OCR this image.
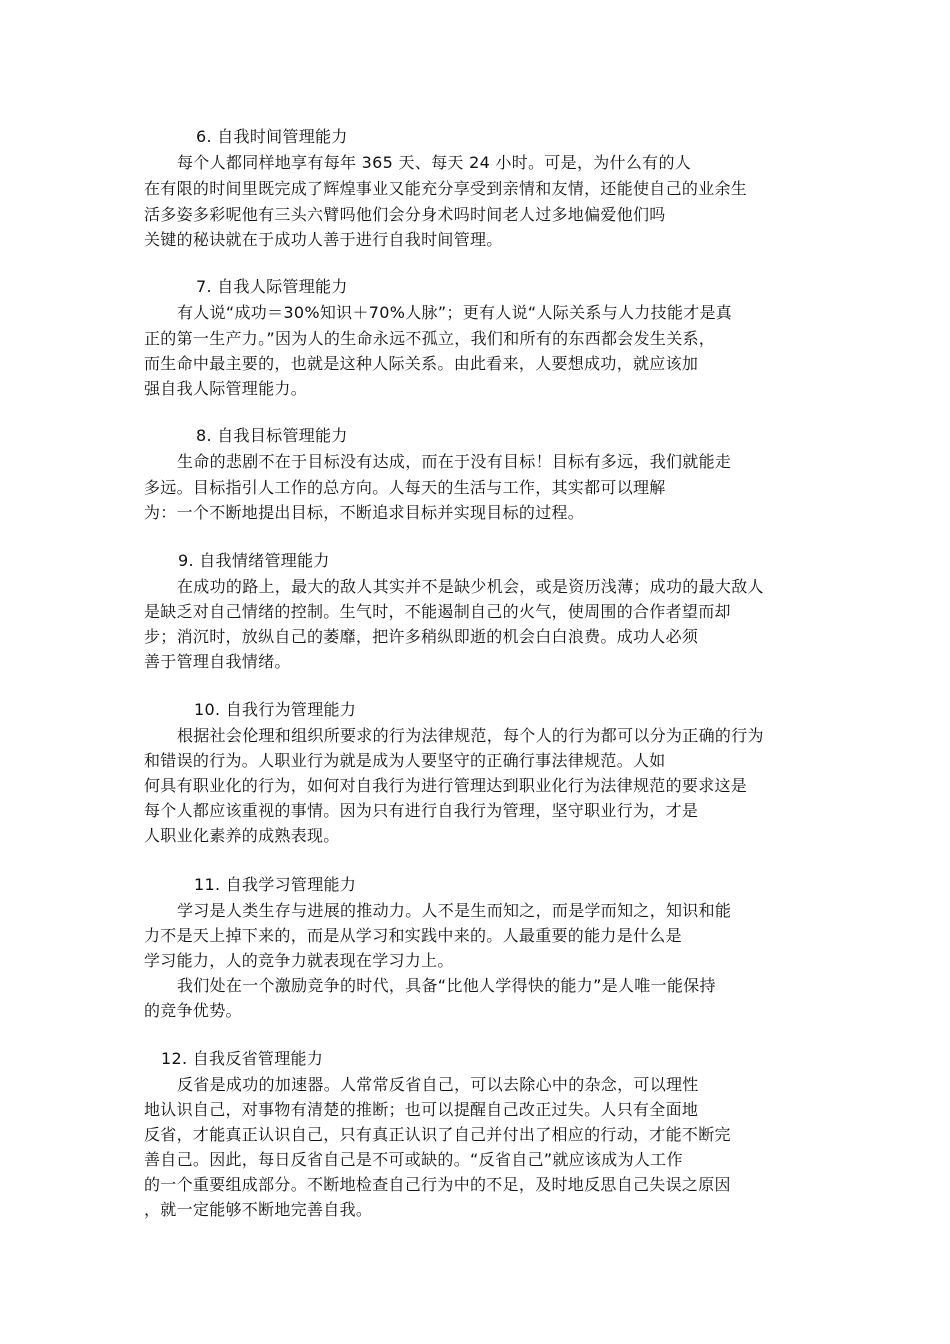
6. 自我时间管理能力
每个人都同样地享有每年 365 天、每天 24 小时。可是，为什么有的人
在有限的时间里既完成了辉煌事业又能充分享受到亲情和友情，还能使自己的业余生
活多姿多彩呢他有三头六臂吗他们会分身术吗时间老人过多地偏爱他们吗
关键的秘诀就在于成功人善于进行自我时间管理。
7. 自我人际管理能力
有人说“成功＝30%知识＋70%人脉”；更有人说“人际关系与人力技能才是真
正的第一生产力。”因为人的生命永远不孤立，我们和所有的东西都会发生关系，
而生命中最主要的，也就是这种人际关系。由此看来，人要想成功，就应该加
强自我人际管理能力。
8. 自我目标管理能力
生命的悲剧不在于目标没有达成，而在于没有目标！目标有多远，我们就能走
多远。目标指引人工作的总方向。人每天的生活与工作，其实都可以理解
为：一个不断地提出目标，不断追求目标并实现目标的过程。
9. 自我情绪管理能力
在成功的路上，最大的敌人其实并不是缺少机会，或是资历浅薄；成功的最大敌人
是缺乏对自己情绪的控制。生气时，不能遏制自己的火气，使周围的合作者望而却
步；消沉时，放纵自己的萎靡，把许多稍纵即逝的机会白白浪费。成功人必须
善于管理自我情绪。
10. 自我行为管理能力
根据社会伦理和组织所要求的行为法律规范，每个人的行为都可以分为正确的行为
和错误的行为。人职业行为就是成为人要坚守的正确行事法律规范。人如
何具有职业化的行为，如何对自我行为进行管理达到职业化行为法律规范的要求这是
每个人都应该重视的事情。因为只有进行自我行为管理，坚守职业行为，才是
人职业化素养的成熟表现。
11. 自我学习管理能力
学习是人类生存与进展的推动力。人不是生而知之，而是学而知之，知识和能
力不是天上掉下来的，而是从学习和实践中来的。人最重要的能力是什么是
学习能力，人的竞争力就表现在学习力上。
我们处在一个激励竞争的时代，具备“比他人学得快的能力”是人唯一能保持
的竞争优势。
12. 自我反省管理能力
反省是成功的加速器。人常常反省自己，可以去除心中的杂念，可以理性
地认识自己，对事物有清楚的推断；也可以提醒自己改正过失。人只有全面地
反省，才能真正认识自己，只有真正认识了自己并付出了相应的行动，才能不断完
善自己。因此，每日反省自己是不可或缺的。“反省自己”就应该成为人工作
的一个重要组成部分。不断地检查自己行为中的不足，及时地反思自己失误之原因
，就一定能够不断地完善自我。
